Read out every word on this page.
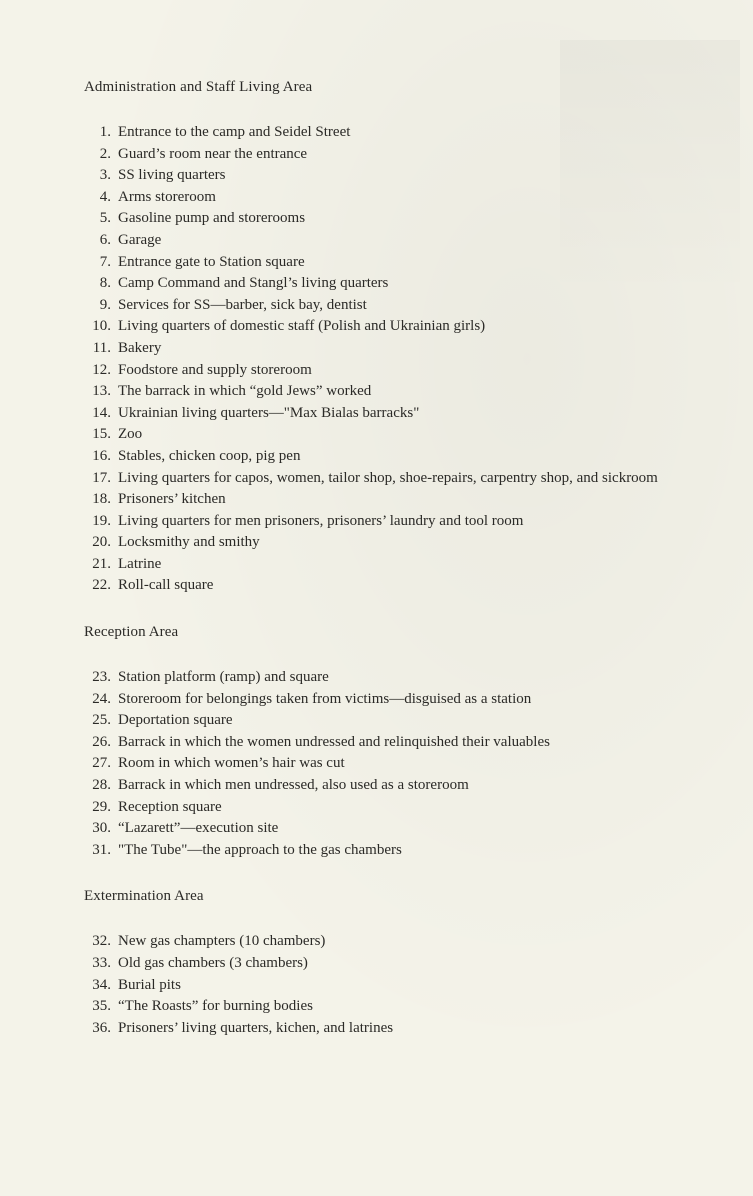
Administration and Staff Living Area
1. Entrance to the camp and Seidel Street
2. Guard’s room near the entrance
3. SS living quarters
4. Arms storeroom
5. Gasoline pump and storerooms
6. Garage
7. Entrance gate to Station square
8. Camp Command and Stangl’s living quarters
9. Services for SS—barber, sick bay, dentist
10. Living quarters of domestic staff (Polish and Ukrainian girls)
11. Bakery
12. Foodstore and supply storeroom
13. The barrack in which “gold Jews” worked
14. Ukrainian living quarters—"Max Bialas barracks"
15. Zoo
16. Stables, chicken coop, pig pen
17. Living quarters for capos, women, tailor shop, shoe-repairs, carpentry shop, and sickroom
18. Prisoners’ kitchen
19. Living quarters for men prisoners, prisoners’ laundry and tool room
20. Locksmithy and smithy
21. Latrine
22. Roll-call square
Reception Area
23. Station platform (ramp) and square
24. Storeroom for belongings taken from victims—disguised as a station
25. Deportation square
26. Barrack in which the women undressed and relinquished their valuables
27. Room in which women’s hair was cut
28. Barrack in which men undressed, also used as a storeroom
29. Reception square
30. “Lazarett”—execution site
31. "The Tube"—the approach to the gas chambers
Extermination Area
32. New gas champters (10 chambers)
33. Old gas chambers (3 chambers)
34. Burial pits
35. “The Roasts” for burning bodies
36. Prisoners’ living quarters, kichen, and latrines
